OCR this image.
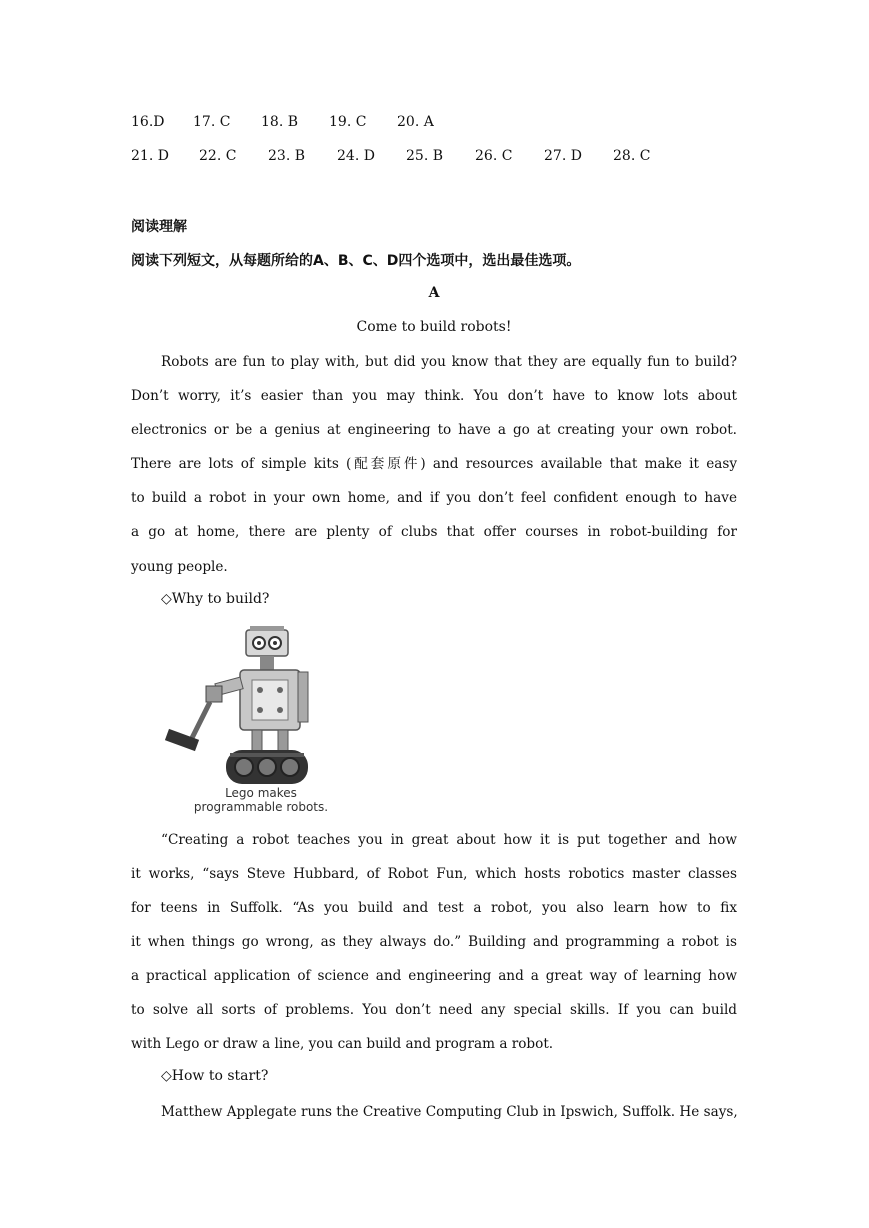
16.D 17. C 18. B 19. C 20. A
21. D 22. C 23. B 24. D 25. B 26. C 27. D 28. C
阅读理解
阅读下列短文，从每题所给的A、B、C、D四个选项中，选出最佳选项。
A
Come to build robots!
Robots are fun to play with, but did you know that they are equally fun to build?
Don’t worry, it’s easier than you may think. You don’t have to know lots about
electronics or be a genius at engineering to have a go at creating your own robot.
There are lots of simple kits (配套原件) and resources available that make it easy
to build a robot in your own home, and if you don’t feel confident enough to have
a go at home, there are plenty of clubs that offer courses in robot-building for
young people.
◇Why to build?
Lego makes
programmable robots.
“Creating a robot teaches you in great about how it is put together and how
it works, “says Steve Hubbard, of Robot Fun, which hosts robotics master classes
for teens in Suffolk. “As you build and test a robot, you also learn how to fix
it when things go wrong, as they always do.” Building and programming a robot is
a practical application of science and engineering and a great way of learning how
to solve all sorts of problems. You don’t need any special skills. If you can build
with Lego or draw a line, you can build and program a robot.
◇How to start?
Matthew Applegate runs the Creative Computing Club in Ipswich, Suffolk. He says,
